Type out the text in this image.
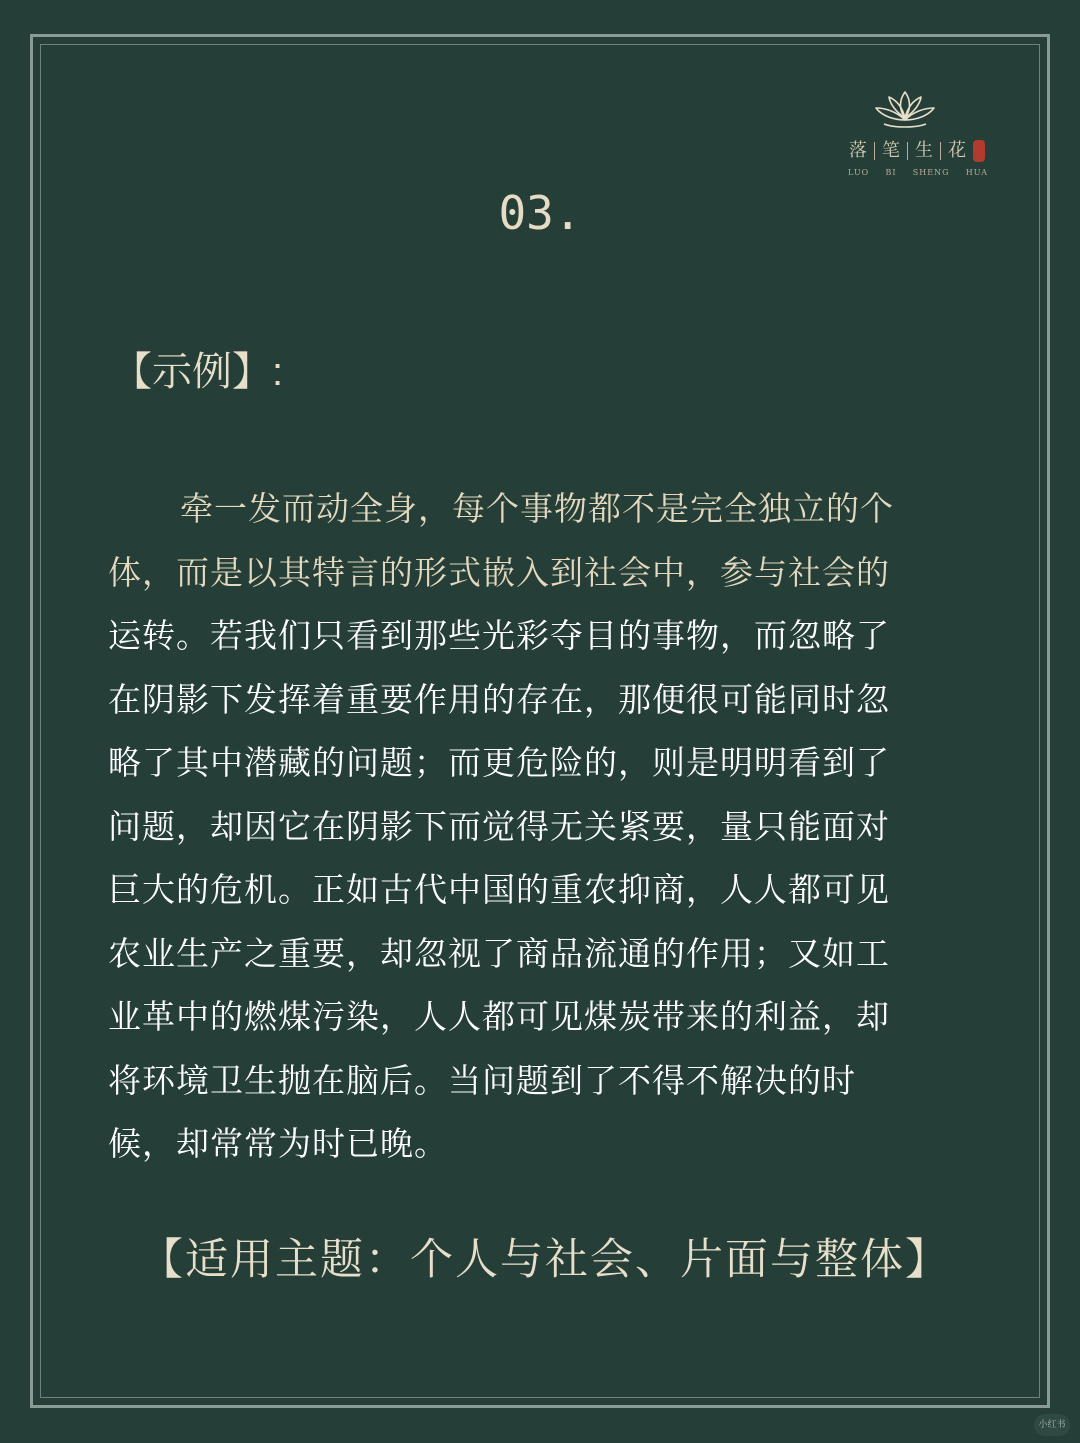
落 笔 生 花
LUO BI SHENG HUA
03.
【示例】:
牵一发而动全身，每个事物都不是完全独立的个
体，而是以其特言的形式嵌入到社会中，参与社会的
运转。若我们只看到那些光彩夺目的事物，而忽略了
在阴影下发挥着重要作用的存在，那便很可能同时忽
略了其中潜藏的问题；而更危险的，则是明明看到了
问题，却因它在阴影下而觉得无关紧要，量只能面对
巨大的危机。正如古代中国的重农抑商，人人都可见
农业生产之重要，却忽视了商品流通的作用；又如工
业革中的燃煤污染，人人都可见煤炭带来的利益，却
将环境卫生抛在脑后。当问题到了不得不解决的时
候，却常常为时已晚。
【适用主题：个人与社会、片面与整体】
小红书
